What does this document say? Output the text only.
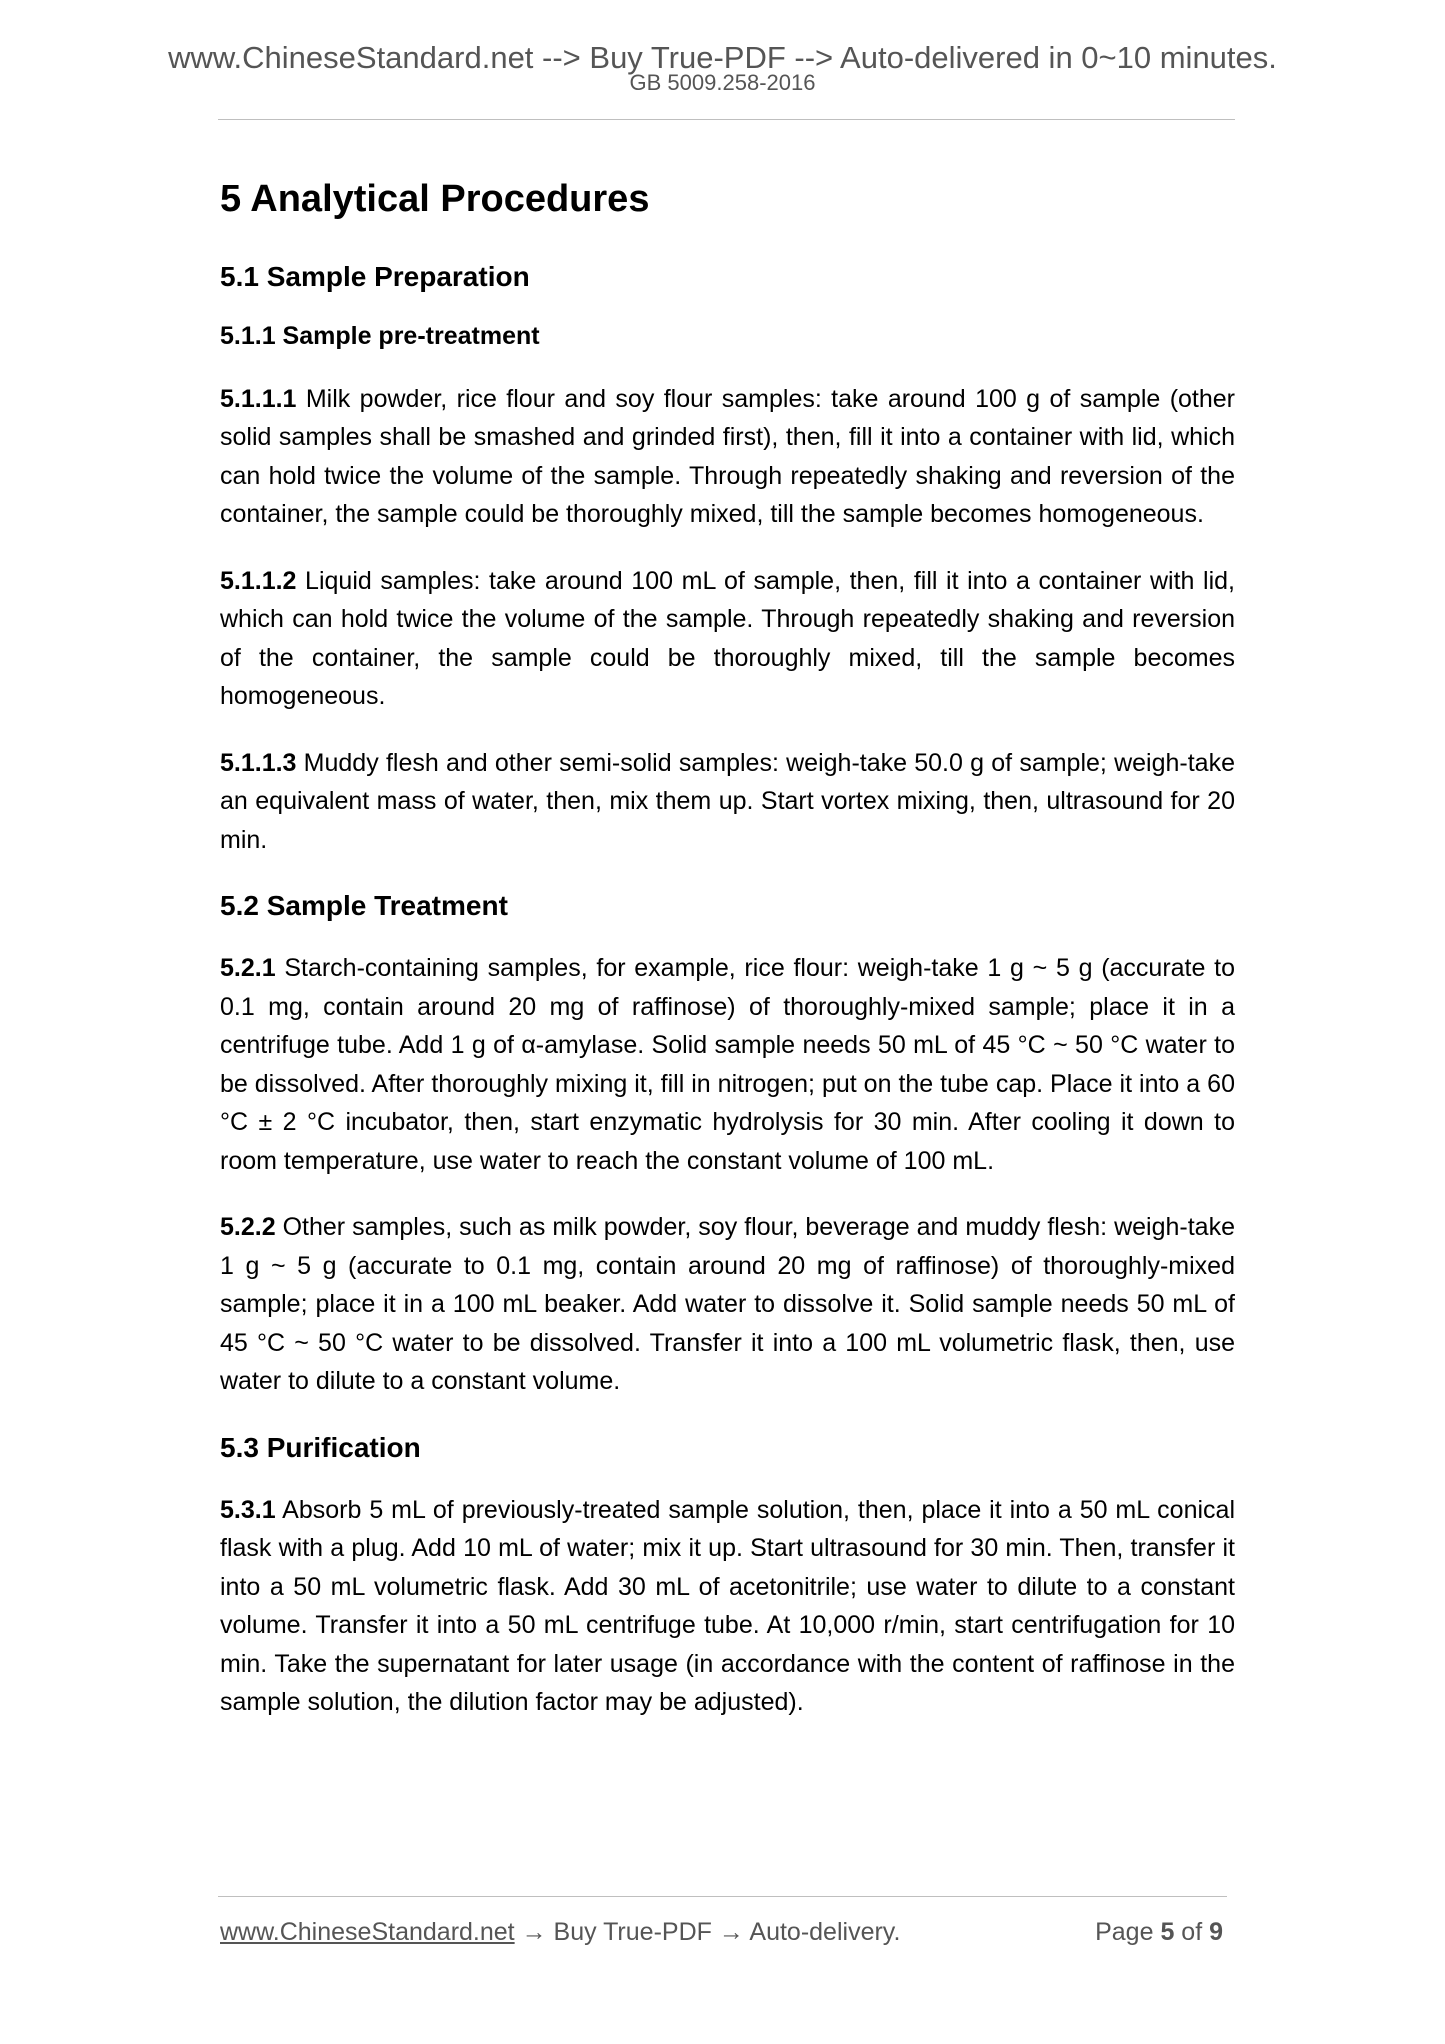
www.ChineseStandard.net --> Buy True-PDF --> Auto-delivered in 0~10 minutes.
GB 5009.258-2016
5 Analytical Procedures
5.1 Sample Preparation
5.1.1 Sample pre-treatment

5.1.1.1 Milk powder, rice flour and soy flour samples: take around 100 g of sample (other solid samples shall be smashed and grinded first), then, fill it into a container with lid, which can hold twice the volume of the sample. Through repeatedly shaking and reversion of the container, the sample could be thoroughly mixed, till the sample becomes homogeneous.

5.1.1.2 Liquid samples: take around 100 mL of sample, then, fill it into a container with lid, which can hold twice the volume of the sample. Through repeatedly shaking and reversion of the container, the sample could be thoroughly mixed, till the sample becomes homogeneous.

5.1.1.3 Muddy flesh and other semi-solid samples: weigh-take 50.0 g of sample; weigh-take an equivalent mass of water, then, mix them up. Start vortex mixing, then, ultrasound for 20 min.

5.2 Sample Treatment

5.2.1 Starch-containing samples, for example, rice flour: weigh-take 1 g ~ 5 g (accurate to 0.1 mg, contain around 20 mg of raffinose) of thoroughly-mixed sample; place it in a centrifuge tube. Add 1 g of α-amylase. Solid sample needs 50 mL of 45 °C ~ 50 °C water to be dissolved. After thoroughly mixing it, fill in nitrogen; put on the tube cap. Place it into a 60 °C ± 2 °C incubator, then, start enzymatic hydrolysis for 30 min. After cooling it down to room temperature, use water to reach the constant volume of 100 mL.

5.2.2 Other samples, such as milk powder, soy flour, beverage and muddy flesh: weigh-take 1 g ~ 5 g (accurate to 0.1 mg, contain around 20 mg of raffinose) of thoroughly-mixed sample; place it in a 100 mL beaker. Add water to dissolve it. Solid sample needs 50 mL of 45 °C ~ 50 °C water to be dissolved. Transfer it into a 100 mL volumetric flask, then, use water to dilute to a constant volume.

5.3 Purification

5.3.1 Absorb 5 mL of previously-treated sample solution, then, place it into a 50 mL conical flask with a plug. Add 10 mL of water; mix it up. Start ultrasound for 30 min. Then, transfer it into a 50 mL volumetric flask. Add 30 mL of acetonitrile; use water to dilute to a constant volume. Transfer it into a 50 mL centrifuge tube. At 10,000 r/min, start centrifugation for 10 min. Take the supernatant for later usage (in accordance with the content of raffinose in the sample solution, the dilution factor may be adjusted).

www.ChineseStandard.net → Buy True-PDF → Auto-delivery.	Page 5 of 9
